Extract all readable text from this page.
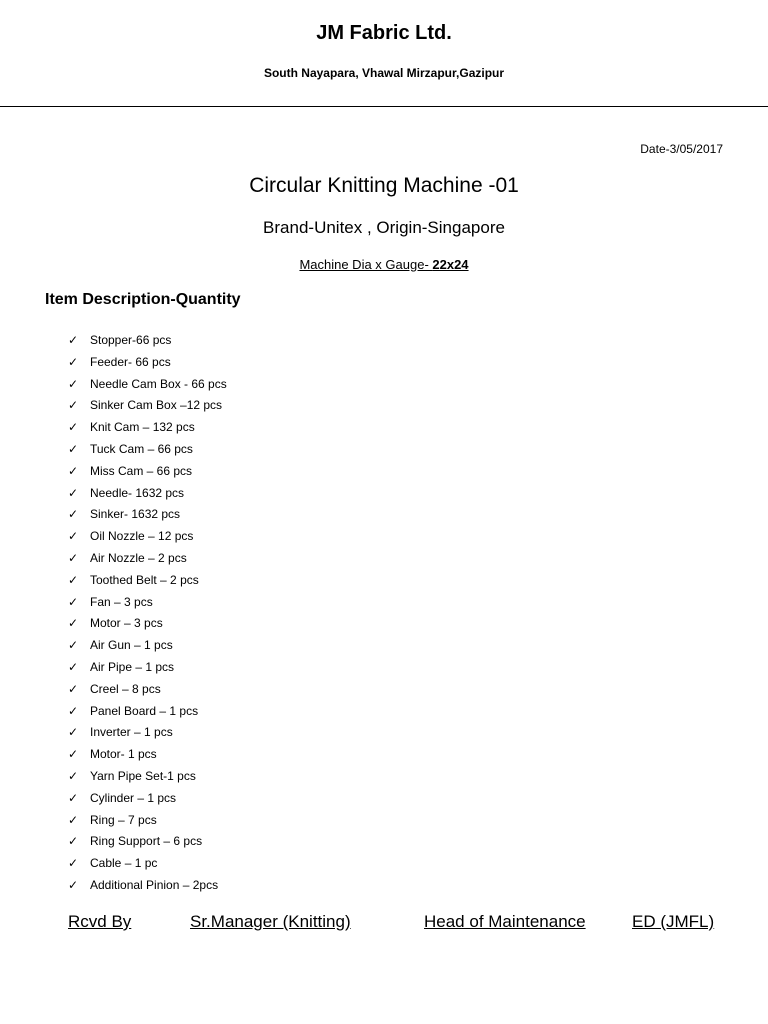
JM Fabric Ltd.
South Nayapara, Vhawal Mirzapur,Gazipur
Date-3/05/2017
Circular Knitting Machine -01
Brand-Unitex , Origin-Singapore
Machine Dia x Gauge- 22x24
Item Description-Quantity
✓ Stopper-66 pcs
✓ Feeder- 66 pcs
✓ Needle Cam Box - 66 pcs
✓ Sinker Cam Box –12 pcs
✓ Knit Cam – 132 pcs
✓ Tuck Cam – 66 pcs
✓ Miss Cam – 66 pcs
✓ Needle- 1632 pcs
✓ Sinker- 1632 pcs
✓ Oil Nozzle – 12 pcs
✓ Air Nozzle – 2 pcs
✓ Toothed Belt – 2 pcs
✓ Fan – 3 pcs
✓ Motor – 3 pcs
✓ Air Gun – 1 pcs
✓ Air Pipe – 1 pcs
✓ Creel – 8 pcs
✓ Panel Board – 1 pcs
✓ Inverter – 1 pcs
✓ Motor- 1 pcs
✓ Yarn Pipe Set-1 pcs
✓ Cylinder – 1 pcs
✓ Ring – 7 pcs
✓ Ring Support – 6 pcs
✓ Cable – 1 pc
✓ Additional Pinion – 2pcs
Rcvd By	Sr.Manager (Knitting)	Head of Maintenance	ED (JMFL)
